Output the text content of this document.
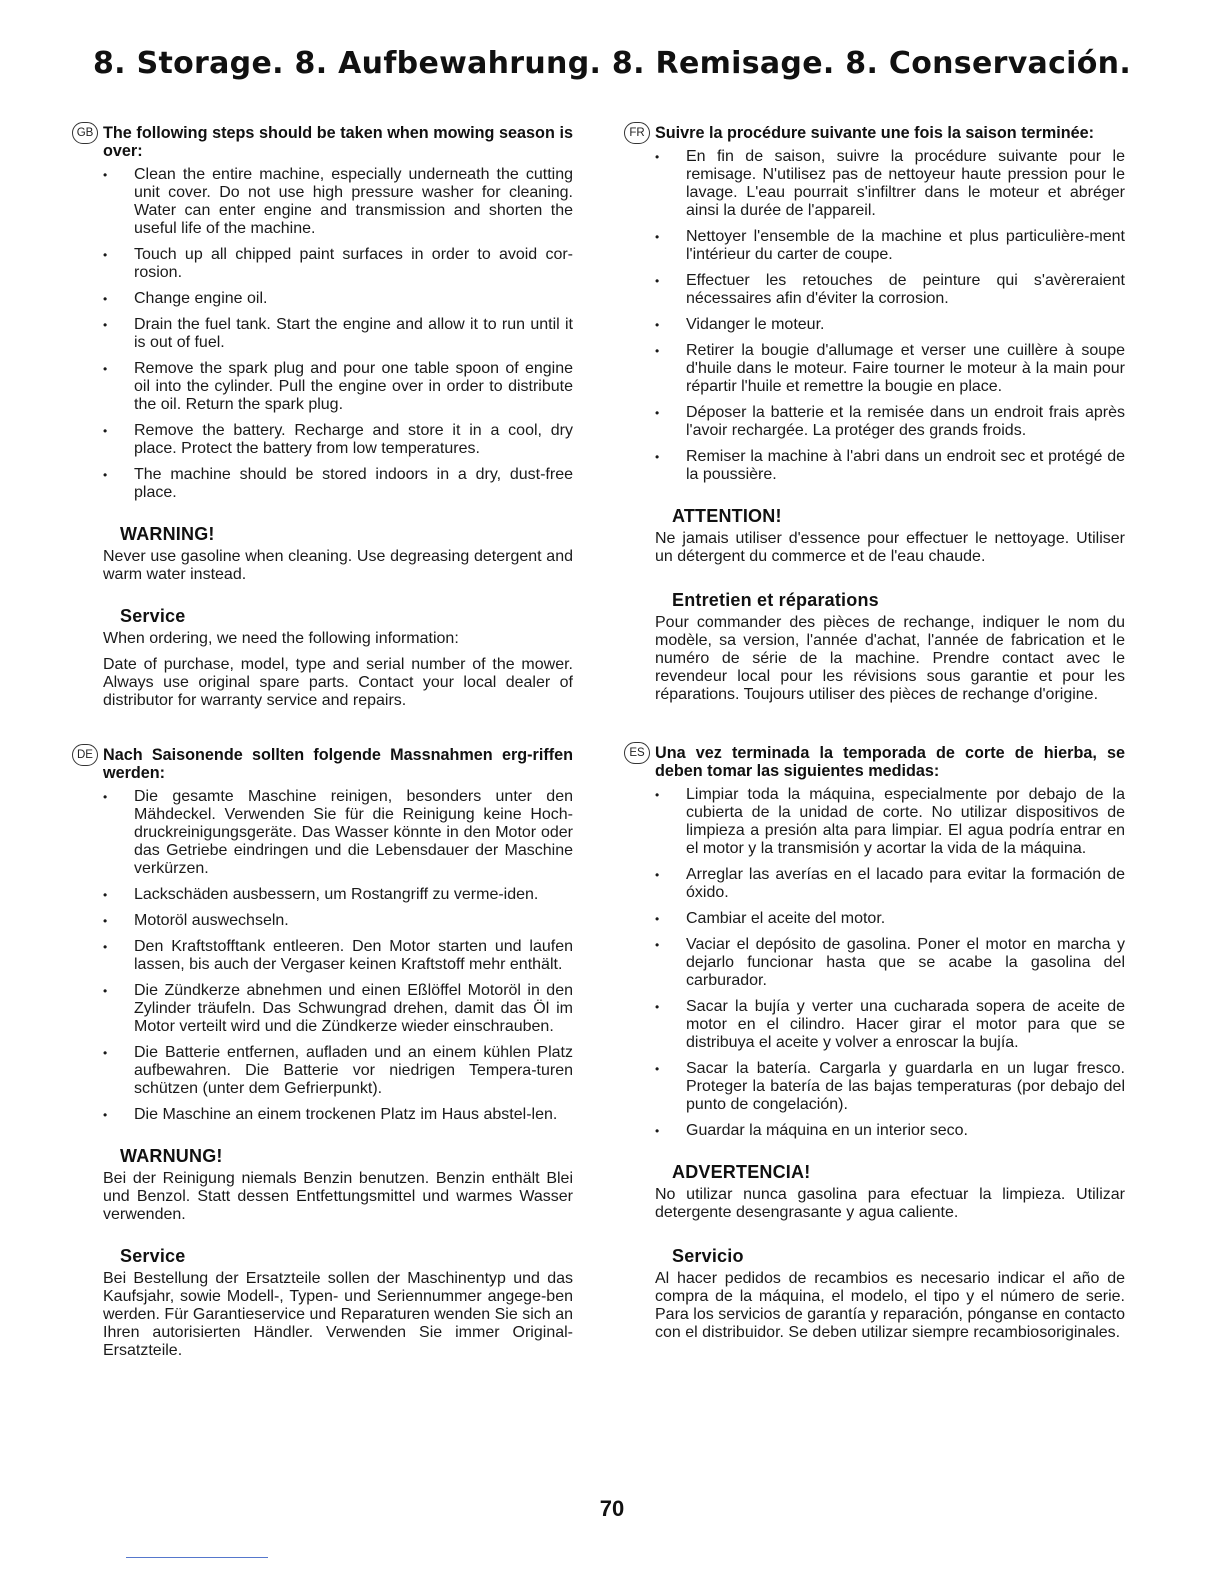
8. Storage. 8. Aufbewahrung. 8. Remisage. 8. Conservación.
GB The following steps should be taken when mowing season is over:
• Clean the entire machine, especially underneath the cutting unit cover. Do not use high pressure washer for cleaning. Water can enter engine and transmission and shorten the useful life of the machine.
• Touch up all chipped paint surfaces in order to avoid cor-rosion.
• Change engine oil.
• Drain the fuel tank. Start the engine and allow it to run until it is out of fuel.
• Remove the spark plug and pour one table spoon of engine oil into the cylinder. Pull the engine over in order to distribute the oil. Return the spark plug.
• Remove the battery. Recharge and store it in a cool, dry place. Protect the battery from low temperatures.
• The machine should be stored indoors in a dry, dust-free place.
WARNING!

Never use gasoline when cleaning. Use degreasing detergent and warm water instead.

Service

When ordering, we need the following information:

Date of purchase, model, type and serial number of the mower. Always use original spare parts. Contact your local dealer of distributor for warranty service and repairs.

DE Nach Saisonende sollten folgende Massnahmen erg-riffen werden:
• Die gesamte Maschine reinigen, besonders unter den Mähdeckel. Verwenden Sie für die Reinigung keine Hoch-druckreinigungsgeräte. Das Wasser könnte in den Motor oder das Getriebe eindringen und die Lebensdauer der Maschine verkürzen.
• Lackschäden ausbessern, um Rostangriff zu verme-iden.
• Motoröl auswechseln.
• Den Kraftstofftank entleeren. Den Motor starten und laufen lassen, bis auch der Vergaser keinen Kraftstoff mehr enthält.
• Die Zündkerze abnehmen und einen Eßlöffel Motoröl in den Zylinder träufeln. Das Schwungrad drehen, damit das Öl im Motor verteilt wird und die Zündkerze wieder einschrauben.
• Die Batterie entfernen, aufladen und an einem kühlen Platz aufbewahren. Die Batterie vor niedrigen Tempera-turen schützen (unter dem Gefrierpunkt).
• Die Maschine an einem trockenen Platz im Haus abstel-len.
WARNUNG!

Bei der Reinigung niemals Benzin benutzen. Benzin enthält Blei und Benzol. Statt dessen Entfettungsmittel und warmes Wasser verwenden.

Service

Bei Bestellung der Ersatzteile sollen der Maschinentyp und das Kaufsjahr, sowie Modell-, Typen- und Seriennummer angege-ben werden. Für Garantieservice und Reparaturen wenden Sie sich an Ihren autorisierten Händler. Verwenden Sie immer Original-Ersatzteile.

FR Suivre la procédure suivante une fois la saison terminée:
• En fin de saison, suivre la procédure suivante pour le remisage. N'utilisez pas de nettoyeur haute pression pour le lavage. L'eau pourrait s'infiltrer dans le moteur et abréger ainsi la durée de l'appareil.
• Nettoyer l'ensemble de la machine et plus particulière-ment l'intérieur du carter de coupe.
• Effectuer les retouches de peinture qui s'avèreraient nécessaires afin d'éviter la corrosion.
• Vidanger le moteur.
• Retirer la bougie d'allumage et verser une cuillère à soupe d'huile dans le moteur. Faire tourner le moteur à la main pour répartir l'huile et remettre la bougie en place.
• Déposer la batterie et la remisée dans un endroit frais après l'avoir rechargée. La protéger des grands froids.
• Remiser la machine à l'abri dans un endroit sec et protégé de la poussière.
ATTENTION!

Ne jamais utiliser d'essence pour effectuer le nettoyage. Utiliser un détergent du commerce et de l'eau chaude.

Entretien et réparations

Pour commander des pièces de rechange, indiquer le nom du modèle, sa version, l'année d'achat, l'année de fabrication et le numéro de série de la machine. Prendre contact avec le revendeur local pour les révisions sous garantie et pour les réparations. Toujours utiliser des pièces de rechange d'origine.

ES Una vez terminada la temporada de corte de hierba, se deben tomar las siguientes medidas:
• Limpiar toda la máquina, especialmente por debajo de la cubierta de la unidad de corte. No utilizar dispositivos de limpieza a presión alta para limpiar. El agua podría entrar en el motor y la transmisión y acortar la vida de la máquina.
• Arreglar las averías en el lacado para evitar la formación de óxido.
• Cambiar el aceite del motor.
• Vaciar el depósito de gasolina. Poner el motor en marcha y dejarlo funcionar hasta que se acabe la gasolina del carburador.
• Sacar la bujía y verter una cucharada sopera de aceite de motor en el cilindro. Hacer girar el motor para que se distribuya el aceite y volver a enroscar la bujía.
• Sacar la batería. Cargarla y guardarla en un lugar fresco. Proteger la batería de las bajas temperaturas (por debajo del punto de congelación).
• Guardar la máquina en un interior seco.
ADVERTENCIA!

No utilizar nunca gasolina para efectuar la limpieza. Utilizar detergente desengrasante y agua caliente.

Servicio

Al hacer pedidos de recambios es necesario indicar el año de compra de la máquina, el modelo, el tipo y el número de serie. Para los servicios de garantía y reparación, pónganse en contacto con el distribuidor. Se deben utilizar siempre recambiosoriginales.

70
